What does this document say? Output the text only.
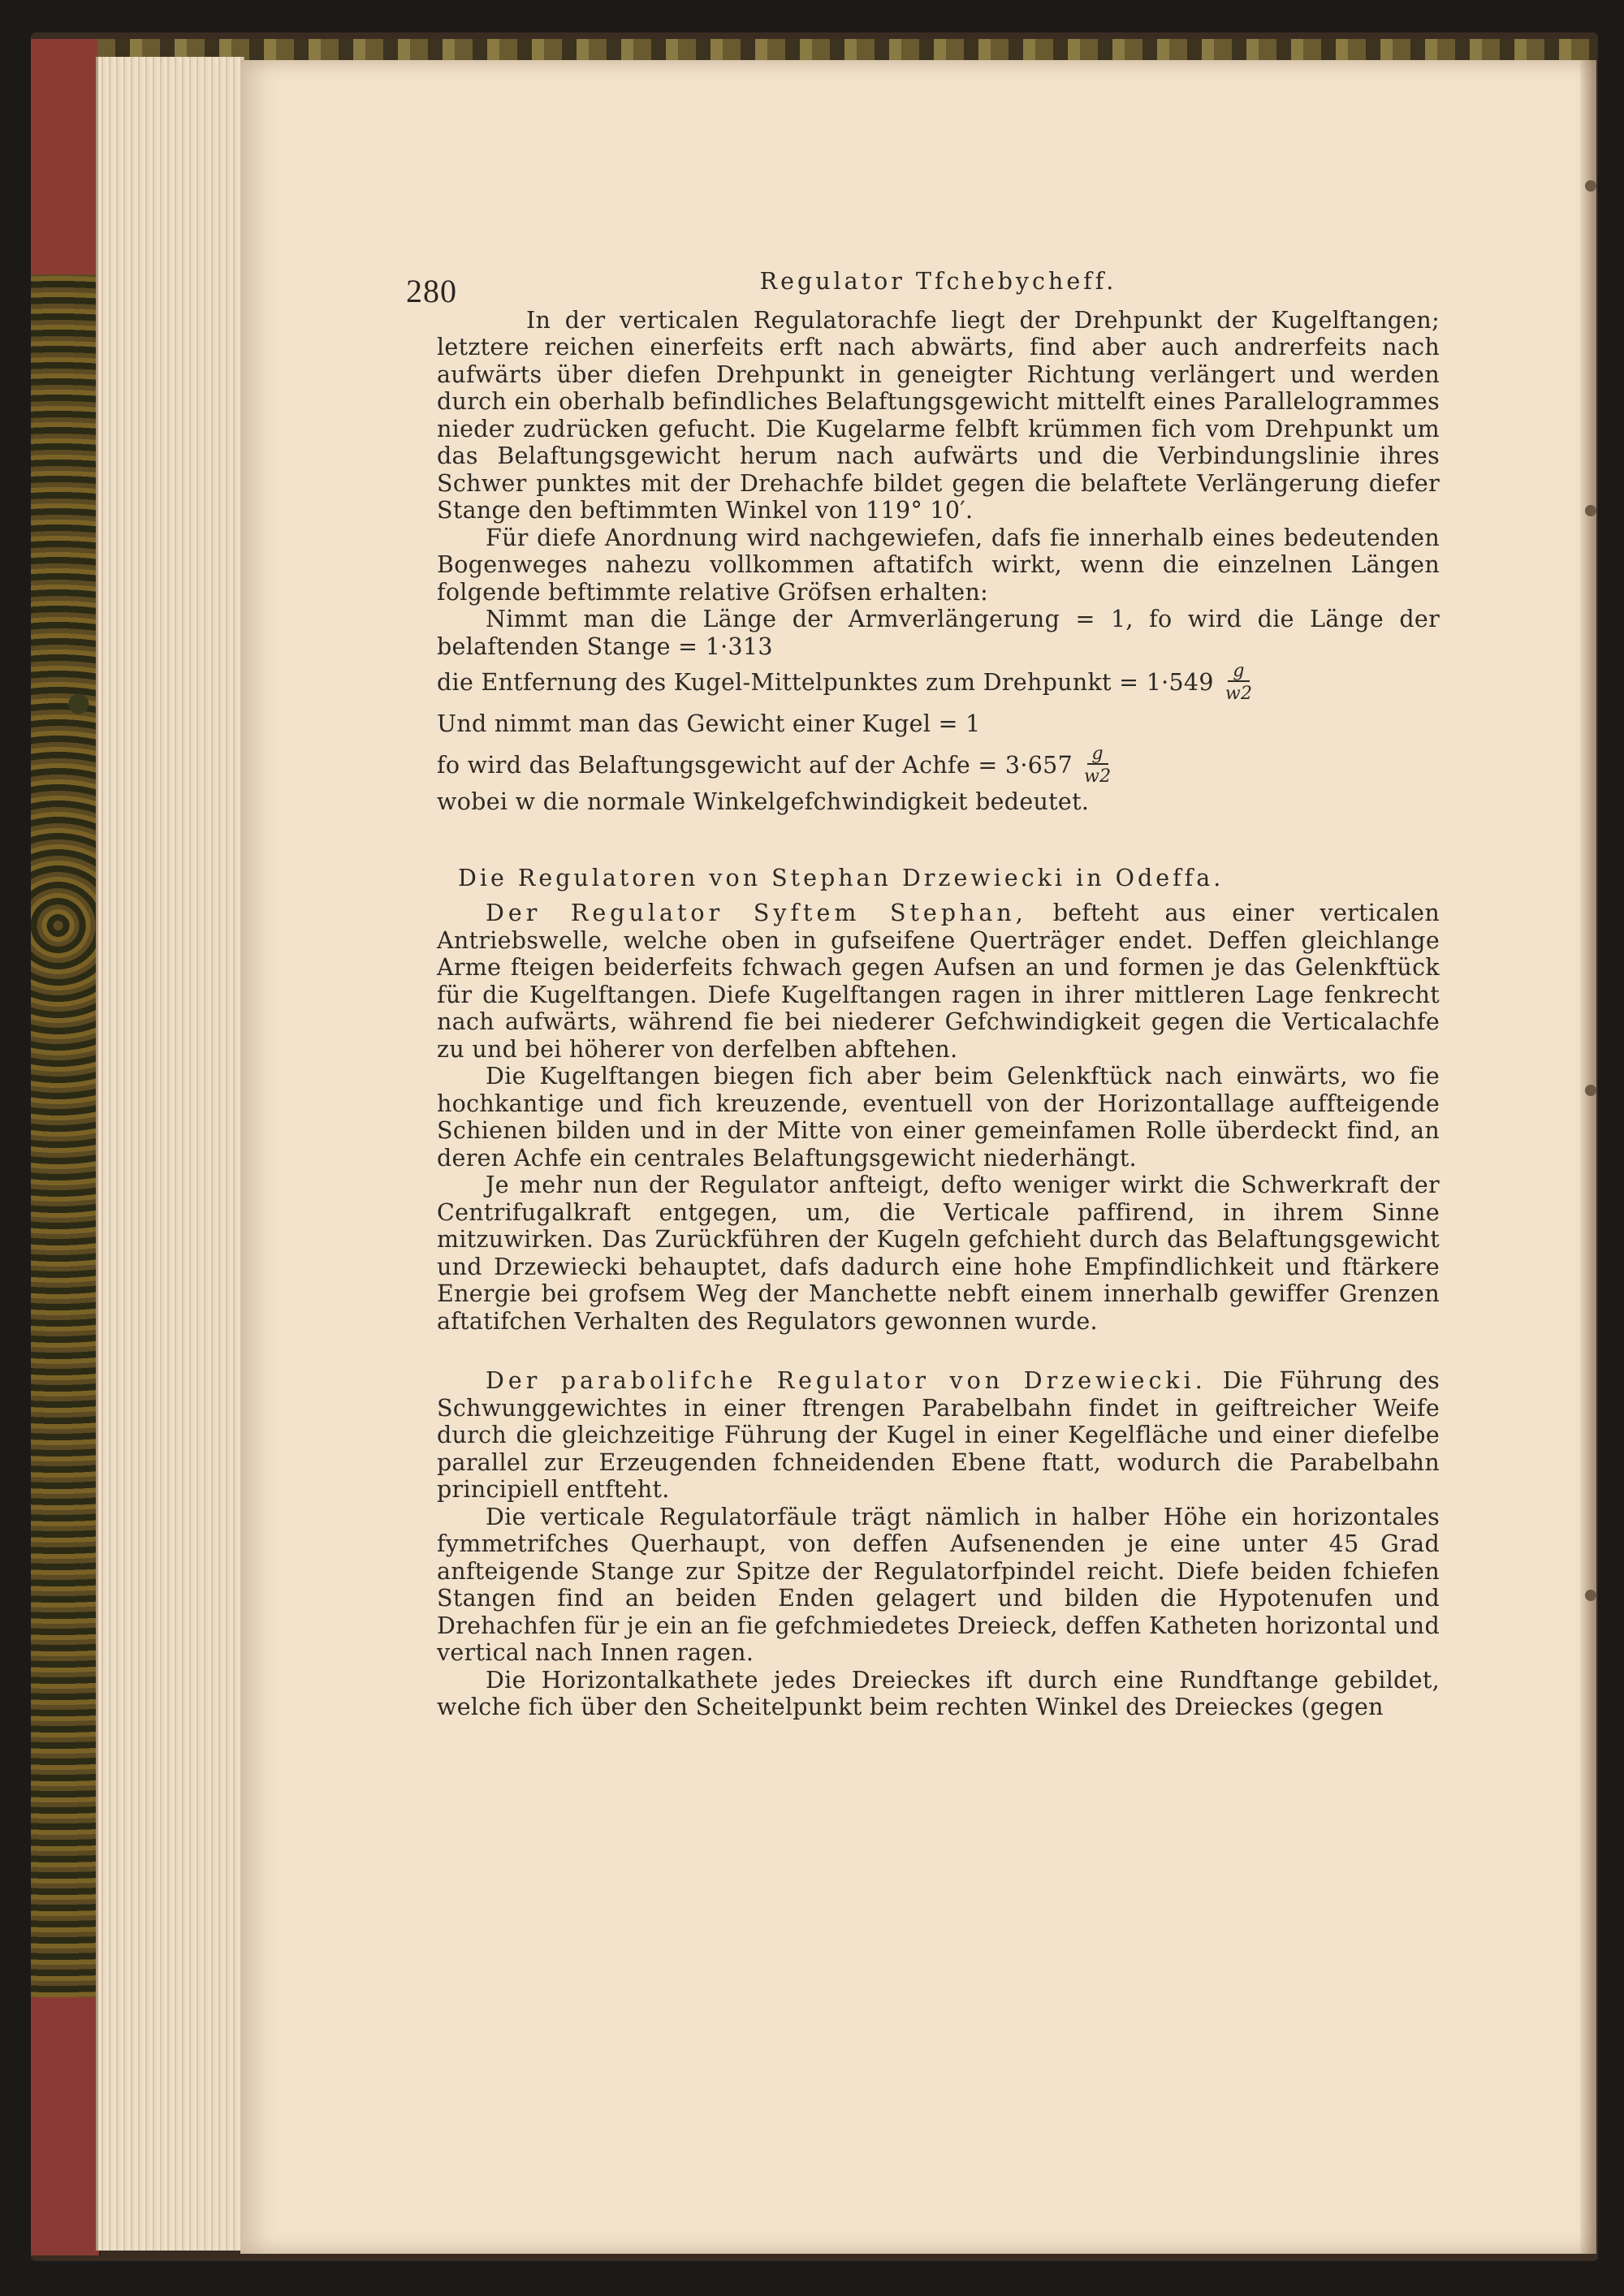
280	Regulator Tfchebycheff.

In der verticalen Regulatorachfe liegt der Drehpunkt der Kugelftangen; letztere reichen einerfeits erft nach abwärts, find aber auch andrerfeits nach aufwärts über diefen Drehpunkt in geneigter Richtung verlängert und werden durch ein oberhalb befindliches Belaftungsgewicht mittelft eines Parallelogrammes nieder zudrücken gefucht. Die Kugelarme felbft krümmen fich vom Drehpunkt um das Belaftungsgewicht herum nach aufwärts und die Verbindungslinie ihres Schwer punktes mit der Drehachfe bildet gegen die belaftete Verlängerung diefer Stange den beftimmten Winkel von 119° 10′.

Für diefe Anordnung wird nachgewiefen, dafs fie innerhalb eines bedeutenden Bogenweges nahezu vollkommen aftatifch wirkt, wenn die einzelnen Längen folgende beftimmte relative Gröfsen erhalten:

Nimmt man die Länge der Armverlängerung = 1, fo wird die Länge der belaftenden Stange = 1·313

die Entfernung des Kugel-Mittelpunktes zum Drehpunkt = $1\cdot 549 \frac{g}{w2}$
Und nimmt man das Gewicht einer Kugel = 1
fo wird das Belaftungsgewicht auf der Achfe = $3\cdot 657 \frac{g}{w2}$

wobei w die normale Winkelgefchwindigkeit bedeutet.

Die Regulatoren von Stephan Drzewiecki in Odeffa.

Der Regulator Syftem Stephan, befteht aus einer verticalen Antriebswelle, welche oben in gufseifene Querträger endet. Deffen gleichlange Arme fteigen beiderfeits fchwach gegen Aufsen an und formen je das Gelenkftück für die Kugelftangen. Diefe Kugelftangen ragen in ihrer mittleren Lage fenkrecht nach aufwärts, während fie bei niederer Gefchwindigkeit gegen die Verticalachfe zu und bei höherer von derfelben abftehen.

Die Kugelftangen biegen fich aber beim Gelenkftück nach einwärts, wo fie hochkantige und fich kreuzende, eventuell von der Horizontallage auffteigende Schienen bilden und in der Mitte von einer gemeinfamen Rolle überdeckt find, an deren Achfe ein centrales Belaftungsgewicht niederhängt.

Je mehr nun der Regulator anfteigt, defto weniger wirkt die Schwerkraft der Centrifugalkraft entgegen, um, die Verticale paffirend, in ihrem Sinne mitzuwirken. Das Zurückführen der Kugeln gefchieht durch das Belaftungsgewicht und Drzewiecki behauptet, dafs dadurch eine hohe Empfindlichkeit und ftärkere Energie bei grofsem Weg der Manchette nebft einem innerhalb gewiffer Grenzen aftatifchen Verhalten des Regulators gewonnen wurde.

Der parabolifche Regulator von Drzewiecki. Die Führung des Schwunggewichtes in einer ftrengen Parabelbahn findet in geiftreicher Weife durch die gleichzeitige Führung der Kugel in einer Kegelfläche und einer diefelbe parallel zur Erzeugenden fchneidenden Ebene ftatt, wodurch die Parabelbahn principiell entfteht.

Die verticale Regulatorfäule trägt nämlich in halber Höhe ein horizontales fymmetrifches Querhaupt, von deffen Aufsenenden je eine unter 45 Grad anfteigende Stange zur Spitze der Regulatorfpindel reicht. Diefe beiden fchiefen Stangen find an beiden Enden gelagert und bilden die Hypotenufen und Drehachfen für je ein an fie gefchmiedetes Dreieck, deffen Katheten horizontal und vertical nach Innen ragen.

Die Horizontalkathete jedes Dreieckes ift durch eine Rundftange gebildet, welche fich über den Scheitelpunkt beim rechten Winkel des Dreieckes (gegen
